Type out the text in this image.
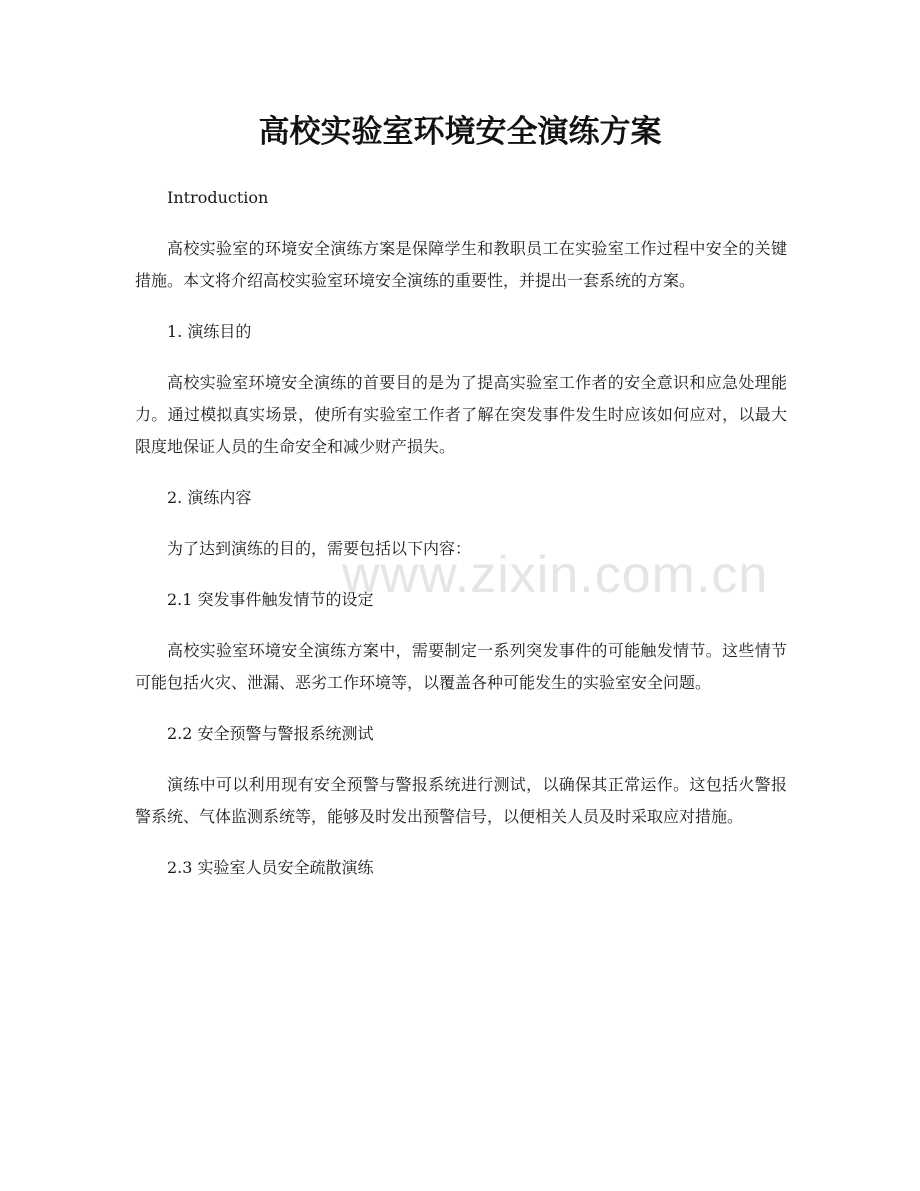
高校实验室环境安全演练方案

Introduction

高校实验室的环境安全演练方案是保障学生和教职员工在实验室工作过程中安全的关键措施。本文将介绍高校实验室环境安全演练的重要性，并提出一套系统的方案。

1. 演练目的

高校实验室环境安全演练的首要目的是为了提高实验室工作者的安全意识和应急处理能力。通过模拟真实场景，使所有实验室工作者了解在突发事件发生时应该如何应对，以最大限度地保证人员的生命安全和减少财产损失。

2. 演练内容

为了达到演练的目的，需要包括以下内容：

2.1 突发事件触发情节的设定

高校实验室环境安全演练方案中，需要制定一系列突发事件的可能触发情节。这些情节可能包括火灾、泄漏、恶劣工作环境等，以覆盖各种可能发生的实验室安全问题。

2.2 安全预警与警报系统测试

演练中可以利用现有安全预警与警报系统进行测试，以确保其正常运作。这包括火警报警系统、气体监测系统等，能够及时发出预警信号，以便相关人员及时采取应对措施。

2.3 实验室人员安全疏散演练

www.zixin.com.cn
